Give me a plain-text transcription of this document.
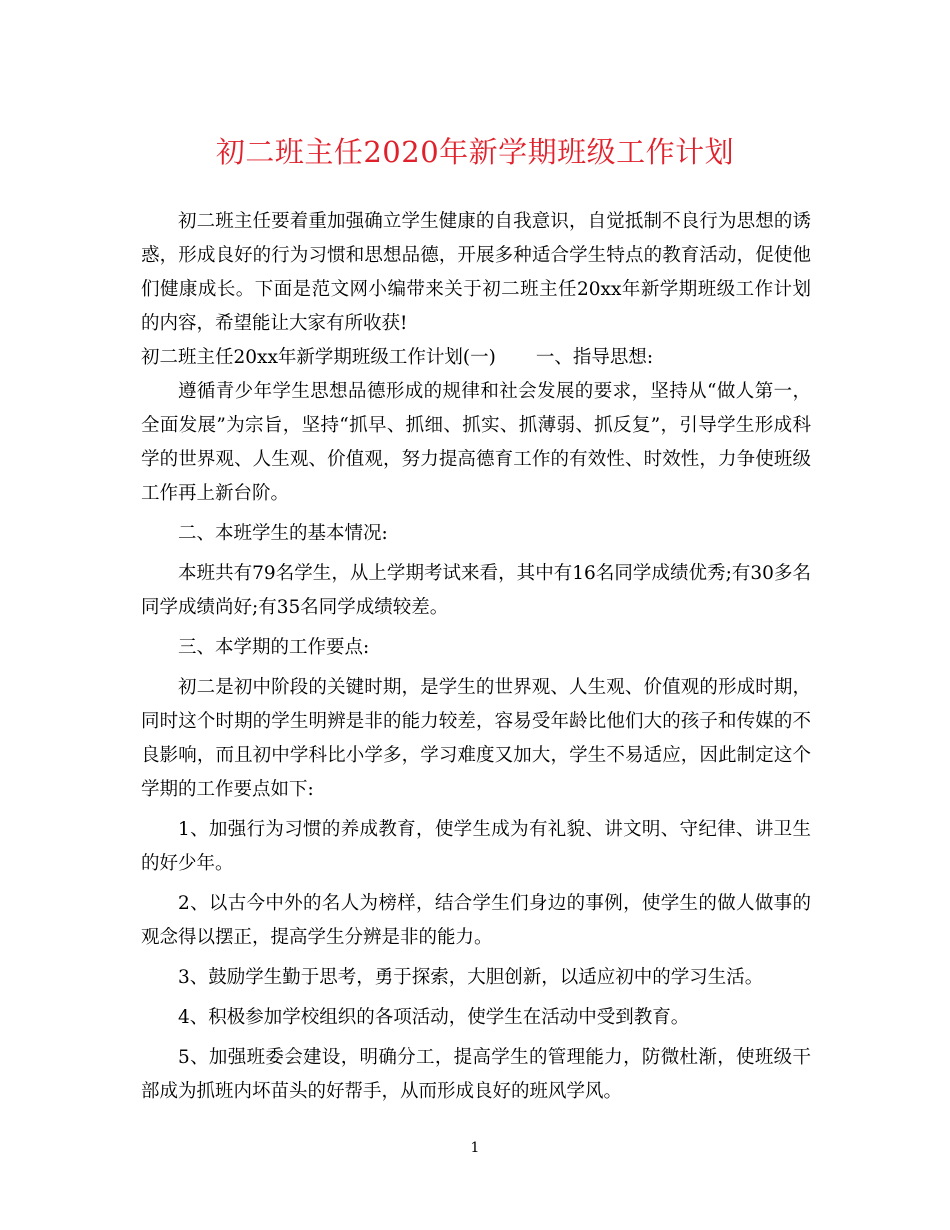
初二班主任2020年新学期班级工作计划

初二班主任要着重加强确立学生健康的自我意识，自觉抵制不良行为思想的诱惑，形成良好的行为习惯和思想品德，开展多种适合学生特点的教育活动，促使他们健康成长。下面是范文网小编带来关于初二班主任20xx年新学期班级工作计划的内容，希望能让大家有所收获!

初二班主任20xx年新学期班级工作计划(一) 一、指导思想:

遵循青少年学生思想品德形成的规律和社会发展的要求，坚持从“做人第一，全面发展”为宗旨，坚持“抓早、抓细、抓实、抓薄弱、抓反复”，引导学生形成科学的世界观、人生观、价值观，努力提高德育工作的有效性、时效性，力争使班级工作再上新台阶。

二、本班学生的基本情况:

本班共有79名学生，从上学期考试来看，其中有16名同学成绩优秀;有30多名同学成绩尚好;有35名同学成绩较差。

三、本学期的工作要点:

初二是初中阶段的关键时期，是学生的世界观、人生观、价值观的形成时期，同时这个时期的学生明辨是非的能力较差，容易受年龄比他们大的孩子和传媒的不良影响，而且初中学科比小学多，学习难度又加大，学生不易适应，因此制定这个学期的工作要点如下:

1、加强行为习惯的养成教育，使学生成为有礼貌、讲文明、守纪律、讲卫生的好少年。

2、以古今中外的名人为榜样，结合学生们身边的事例，使学生的做人做事的观念得以摆正，提高学生分辨是非的能力。

3、鼓励学生勤于思考，勇于探索，大胆创新，以适应初中的学习生活。

4、积极参加学校组织的各项活动，使学生在活动中受到教育。

5、加强班委会建设，明确分工，提高学生的管理能力，防微杜渐，使班级干部成为抓班内坏苗头的好帮手，从而形成良好的班风学风。

1
